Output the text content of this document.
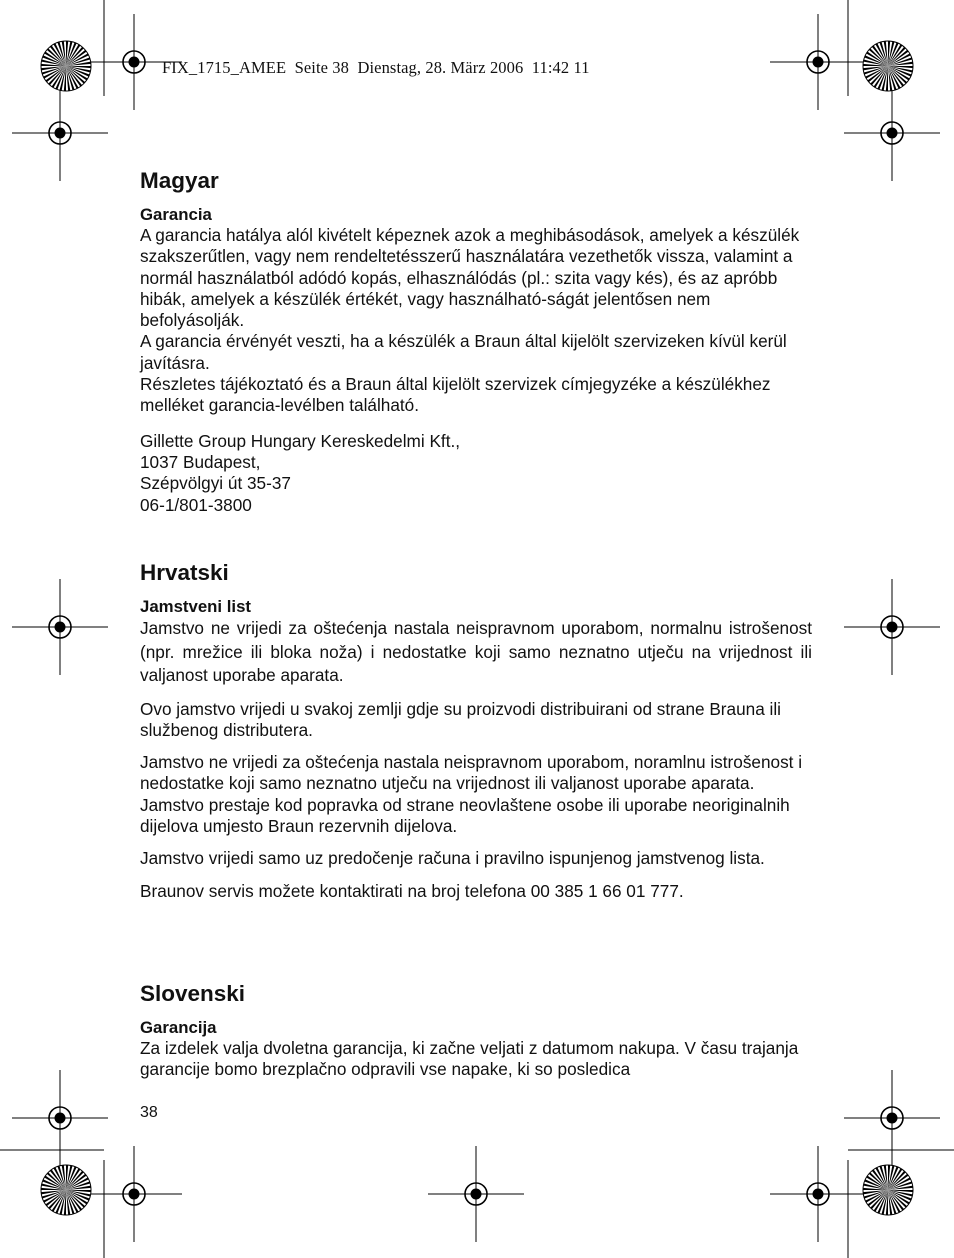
FIX_1715_AMEE  Seite 38  Dienstag, 28. März 2006  11:42 11
Magyar
Garancia

A garancia hatálya alól kivételt képeznek azok a meghibásodások, amelyek a készülék szakszerűtlen, vagy nem rendeltetésszerű használatára vezethetők vissza, valamint a normál használatból adódó kopás, elhasználódás (pl.: szita vagy kés), és az apróbb hibák, amelyek a készülék értékét, vagy használható-ságát jelentősen nem befolyásolják.

A garancia érvényét veszti, ha a készülék a Braun által kijelölt szervizeken kívül kerül javításra.

Részletes tájékoztató és a Braun által kijelölt szervizek címjegyzéke a készülékhez melléket garancia-levélben található.

Gillette Group Hungary Kereskedelmi Kft.,

1037 Budapest,

Szépvölgyi út 35-37

06-1/801-3800

Hrvatski
Jamstveni list

Jamstvo ne vrijedi za oštećenja nastala neispravnom uporabom, normalnu istrošenost (npr. mrežice ili bloka noža) i nedostatke koji samo neznatno utječu na vrijednost ili valjanost uporabe aparata.

Ovo jamstvo vrijedi u svakoj zemlji gdje su proizvodi distribuirani od strane Brauna ili službenog distributera.

Jamstvo ne vrijedi za oštećenja nastala neispravnom uporabom, noramlnu istrošenost i nedostatke koji samo neznatno utječu na vrijednost ili valjanost uporabe aparata. Jamstvo prestaje kod popravka od strane neovlaštene osobe ili uporabe neoriginalnih dijelova umjesto Braun rezervnih dijelova.

Jamstvo vrijedi samo uz predočenje računa i pravilno ispunjenog jamstvenog lista.

Braunov servis možete kontaktirati na broj telefona 00 385 1 66 01 777.

Slovenski
Garancija

Za izdelek valja dvoletna garancija, ki začne veljati z datumom nakupa. V času trajanja garancije bomo brezplačno odpravili vse napake, ki so posledica

38
